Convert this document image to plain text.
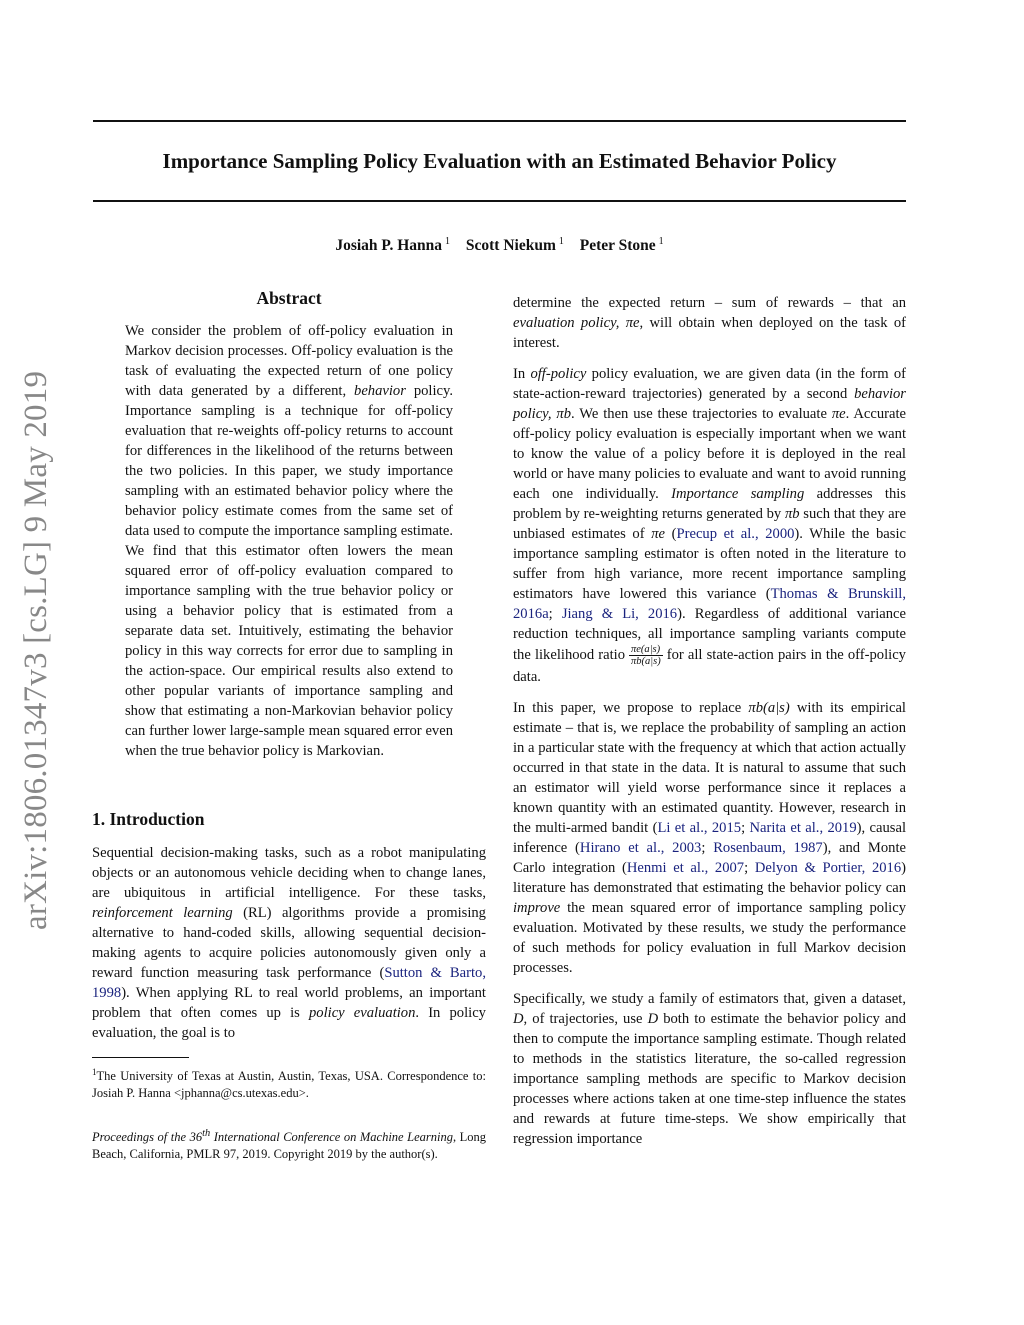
Importance Sampling Policy Evaluation with an Estimated Behavior Policy
Josiah P. Hanna $^1$ Scott Niekum $^1$ Peter Stone $^1$
arXiv:1806.01347v3 [cs.LG] 9 May 2019
Abstract

We consider the problem of off-policy evaluation in Markov decision processes. Off-policy evaluation is the task of evaluating the expected return of one policy with data generated by a different, behavior policy. Importance sampling is a technique for off-policy evaluation that re-weights off-policy returns to account for differences in the likelihood of the returns between the two policies. In this paper, we study importance sampling with an estimated behavior policy where the behavior policy estimate comes from the same set of data used to compute the importance sampling estimate. We find that this estimator often lowers the mean squared error of off-policy evaluation compared to importance sampling with the true behavior policy or using a behavior policy that is estimated from a separate data set. Intuitively, estimating the behavior policy in this way corrects for error due to sampling in the action-space. Our empirical results also extend to other popular variants of importance sampling and show that estimating a non-Markovian behavior policy can further lower large-sample mean squared error even when the true behavior policy is Markovian.

1. Introduction

Sequential decision-making tasks, such as a robot manipulating objects or an autonomous vehicle deciding when to change lanes, are ubiquitous in artificial intelligence. For these tasks, reinforcement learning (RL) algorithms provide a promising alternative to hand-coded skills, allowing sequential decision-making agents to acquire policies autonomously given only a reward function measuring task performance (Sutton & Barto, 1998). When applying RL to real world problems, an important problem that often comes up is policy evaluation. In policy evaluation, the goal is to

$^1$The University of Texas at Austin, Austin, Texas, USA. Correspondence to: Josiah P. Hanna <jphanna@cs.utexas.edu>.
Proceedings of the 36th International Conference on Machine Learning, Long Beach, California, PMLR 97, 2019. Copyright 2019 by the author(s).

determine the expected return – sum of rewards – that an evaluation policy, πe, will obtain when deployed on the task of interest.

In off-policy policy evaluation, we are given data (in the form of state-action-reward trajectories) generated by a second behavior policy, πb. We then use these trajectories to evaluate πe. Accurate off-policy policy evaluation is especially important when we want to know the value of a policy before it is deployed in the real world or have many policies to evaluate and want to avoid running each one individually. Importance sampling addresses this problem by re-weighting returns generated by πb such that they are unbiased estimates of πe (Precup et al., 2000). While the basic importance sampling estimator is often noted in the literature to suffer from high variance, more recent importance sampling estimators have lowered this variance (Thomas & Brunskill, 2016a; Jiang & Li, 2016). Regardless of additional variance reduction techniques, all importance sampling variants compute the likelihood ratio $\frac{\pi e(a|s)}{\pi b(a|s)}$ for all state-action pairs in the off-policy data.

In this paper, we propose to replace πb(a|s) with its empirical estimate – that is, we replace the probability of sampling an action in a particular state with the frequency at which that action actually occurred in that state in the data. It is natural to assume that such an estimator will yield worse performance since it replaces a known quantity with an estimated quantity. However, research in the multi-armed bandit (Li et al., 2015; Narita et al., 2019), causal inference (Hirano et al., 2003; Rosenbaum, 1987), and Monte Carlo integration (Henmi et al., 2007; Delyon & Portier, 2016) literature has demonstrated that estimating the behavior policy can improve the mean squared error of importance sampling policy evaluation. Motivated by these results, we study the performance of such methods for policy evaluation in full Markov decision processes.

Specifically, we study a family of estimators that, given a dataset, D, of trajectories, use D both to estimate the behavior policy and then to compute the importance sampling estimate. Though related to methods in the statistics literature, the so-called regression importance sampling methods are specific to Markov decision processes where actions taken at one time-step influence the states and rewards at future time-steps. We show empirically that regression importance
